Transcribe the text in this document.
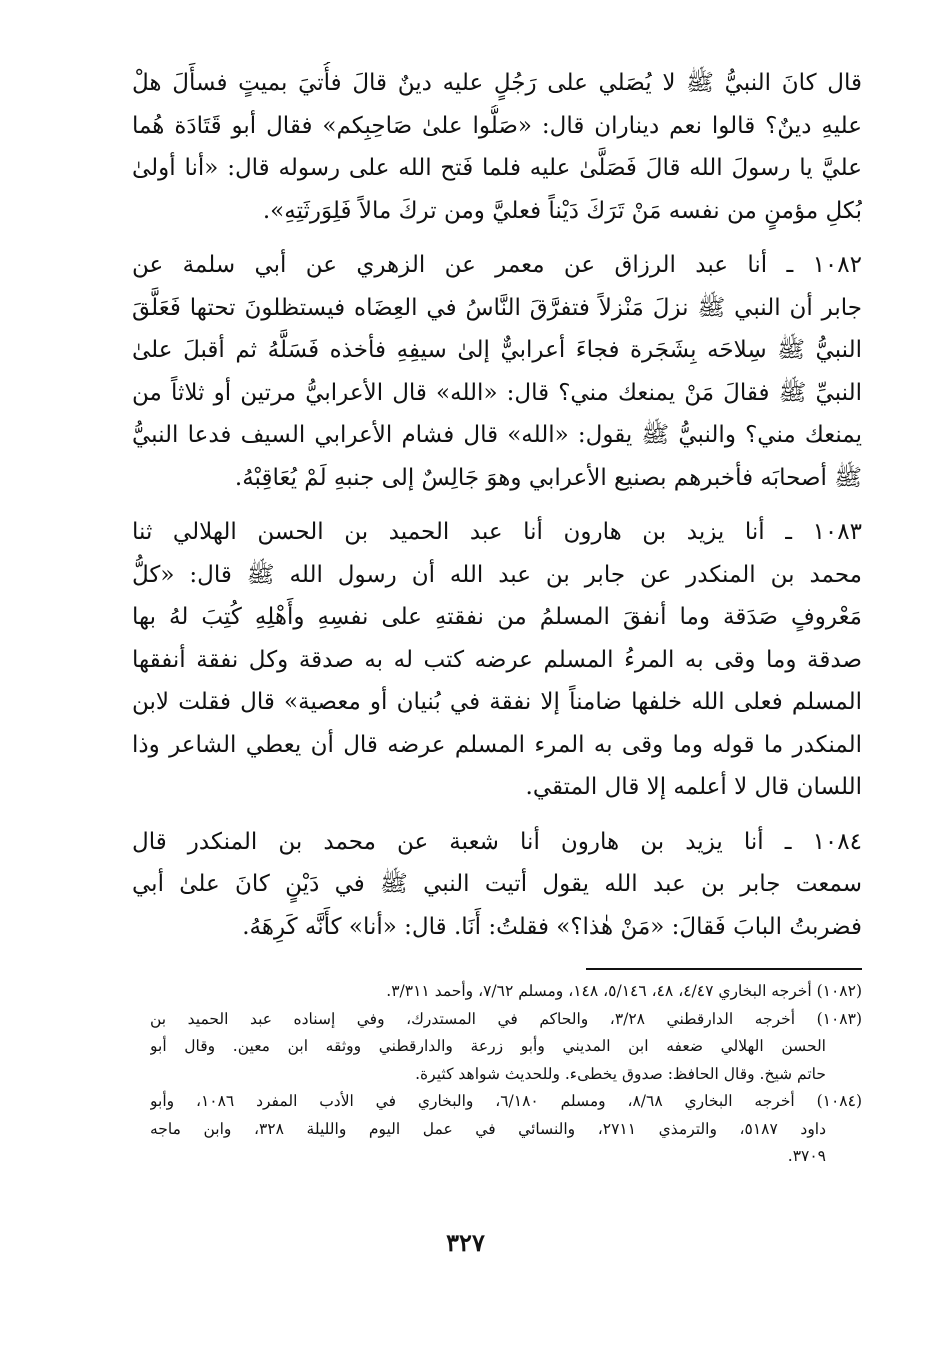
قال كانَ النبيُّ ﷺ لا يُصَلي على رَجُلٍ عليه دينٌ قالَ فأُتيَ بميتٍ فسأَلَ هلْ
عليهِ دينٌ؟ قالوا نعم ديناران قال: «صَلُّوا علىٰ صَاحِبِكم» فقال أبو قَتَادَة هُما
عليَّ يا رسولَ الله قالَ فَصَلَّىٰ عليه فلما فَتح الله على رسوله قال: «أنا أولىٰ
بُكلِ مؤمنٍ من نفسه مَنْ تَرَكَ دَيْناً فعليَّ ومن تركَ مالاً فَلِوَرثَتِهِ».
١٠٨٢ ـ أنا عبد الرزاق عن معمر عن الزهري عن أبي سلمة عن
جابر أن النبي ﷺ نزلَ مَنْزلاً فتفرَّقَ النَّاسُ في العِضَاه فيستظلونَ تحتها فَعَلَّقَ
النبيُّ ﷺ سِلاحَه بِشَجَرة فجاءَ أعرابيٌّ إلىٰ سيفِهِ فأخذه فَسَلَّهُ ثم أقبلَ علىٰ
النبيِّ ﷺ فقالَ مَنْ يمنعك مني؟ قال: «الله» قال الأعرابيُّ مرتين أو ثلاثاً من
يمنعك مني؟ والنبيُّ ﷺ يقول: «الله» قال فشام الأعرابي السيف فدعا النبيُّ
ﷺ أصحابَه فأخبرهم بصنيع الأعرابي وهوَ جَالِسٌ إلى جنبهِ لَمْ يُعَاقِبْهُ.
١٠٨٣ ـ أنا يزيد بن هارون أنا عبد الحميد بن الحسن الهلالي ثنا
محمد بن المنكدر عن جابر بن عبد الله أن رسول الله ﷺ قال: «كلُّ
مَعْروفٍ صَدَقة وما أنفقَ المسلمُ من نفقتهِ على نفسِهِ وأَهْلِهِ كُتِبَ لهُ بها
صدقة وما وقى به المرءُ المسلم عرضه كتب له به صدقة وكل نفقة أنفقها
المسلم فعلى الله خلفها ضامناً إلا نفقة في بُنيان أو معصية» قال فقلت لابن
المنكدر ما قوله وما وقى به المرء المسلم عرضه قال أن يعطي الشاعر وذا
اللسان قال لا أعلمه إلا قال المتقي.
١٠٨٤ ـ أنا يزيد بن هارون أنا شعبة عن محمد بن المنكدر قال
سمعت جابر بن عبد الله يقول أتيت النبي ﷺ في دَيْنٍ كانَ علىٰ أبي
فضربتُ البابَ فَقالَ: «مَنْ هٰذا؟» فقلتُ: أَنَا. قال: «أنا» كأَنَّه كَرِهَهُ.
(١٠٨٢) أخرجه البخاري ٤/٤٧، ٤٨، ٥/١٤٦، ١٤٨، ومسلم ٧/٦٢، وأحمد ٣/٣١١.
(١٠٨٣) أخرجه الدارقطني ٣/٢٨، والحاكم في المستدرك، وفي إسناده عبد الحميد بن
الحسن الهلالي ضعفه ابن المديني وأبو زرعة والدارقطني ووثقه ابن معين. وقال أبو
حاتم شيخ. وقال الحافظ: صدوق يخطىء. وللحديث شواهد كثيرة.
(١٠٨٤) أخرجه البخاري ٨/٦٨، ومسلم ٦/١٨٠، والبخاري في الأدب المفرد ١٠٨٦، وأبو
داود ٥١٨٧، والترمذي ٢٧١١، والنسائي في عمل اليوم والليلة ٣٢٨، وابن ماجه
٣٧٠٩.
٣٢٧
